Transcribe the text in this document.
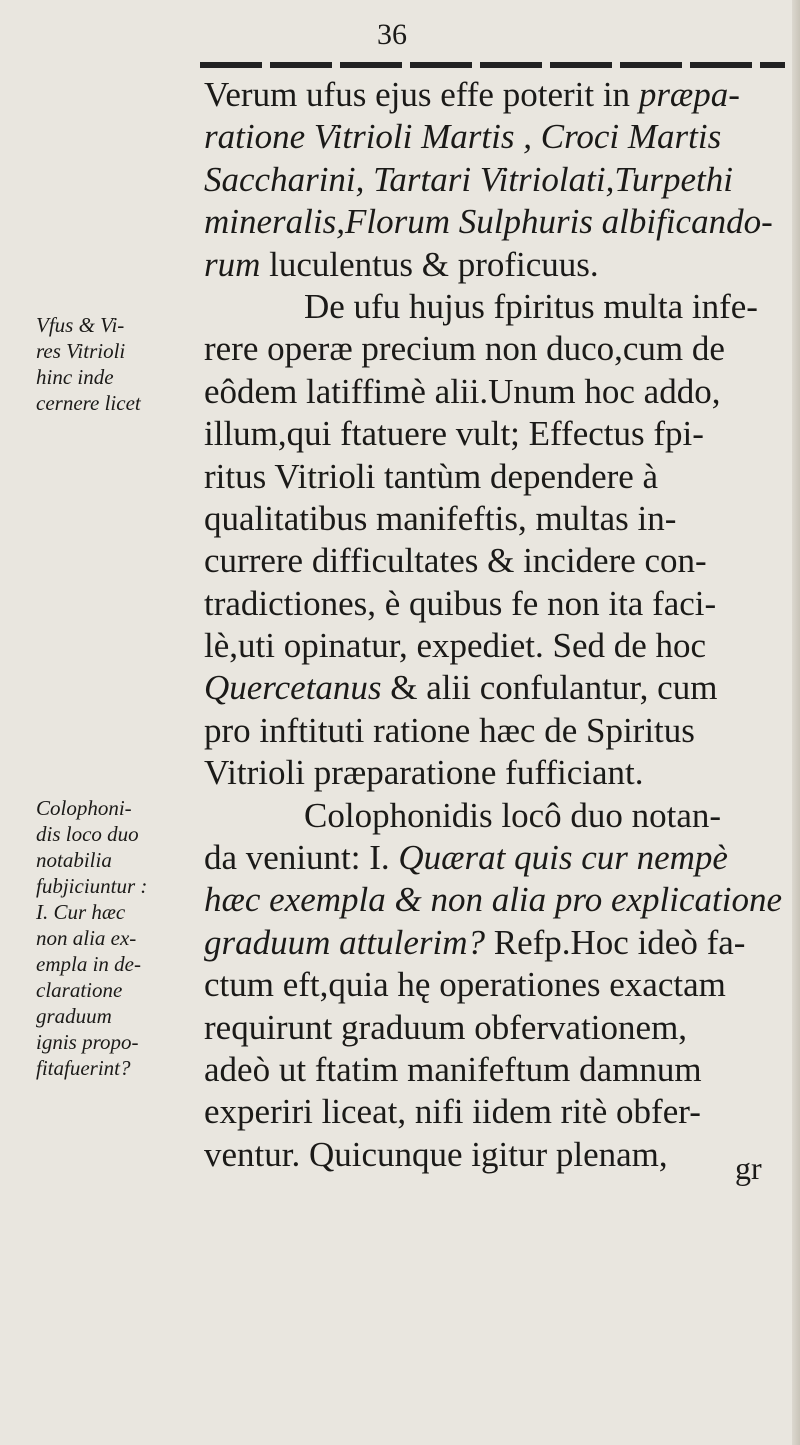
36
Verum ufus ejus effe poterit in præpa-
ratione Vitrioli Martis , Croci Martis
Saccharini, Tartari Vitriolati,Turpethi
mineralis,Florum Sulphuris albificando-
rum luculentus & proficuus.
De ufu hujus fpiritus multa infe-
rere operæ precium non duco,cum de
eôdem latiffimè alii.Unum hoc addo,
illum,qui ftatuere vult; Effectus fpi-
ritus Vitrioli tantùm dependere à
qualitatibus manifeftis, multas in-
currere difficultates & incidere con-
tradictiones, è quibus fe non ita faci-
lè,uti opinatur, expediet. Sed de hoc
Quercetanus & alii confulantur, cum
pro inftituti ratione hæc de Spiritus
Vitrioli præparatione fufficiant.
Colophonidis locô duo notan-
da veniunt: I. Quærat quis cur nempè
hæc exempla & non alia pro explicatione
graduum attulerim? Refp.Hoc ideò fa-
ctum eft,quia hę operationes exactam
requirunt graduum obfervationem,
adeò ut ftatim manifeftum damnum
experiri liceat, nifi iidem ritè obfer-
ventur. Quicunque igitur plenam,
Vfus & Vi-
res Vitrioli
hinc inde
cernere licet
Colophoni-
dis loco duo
notabilia
fubjiciuntur :
I. Cur hæc
non alia ex-
empla in de-
claratione
graduum
ignis propo-
fitafuerint?
gr
